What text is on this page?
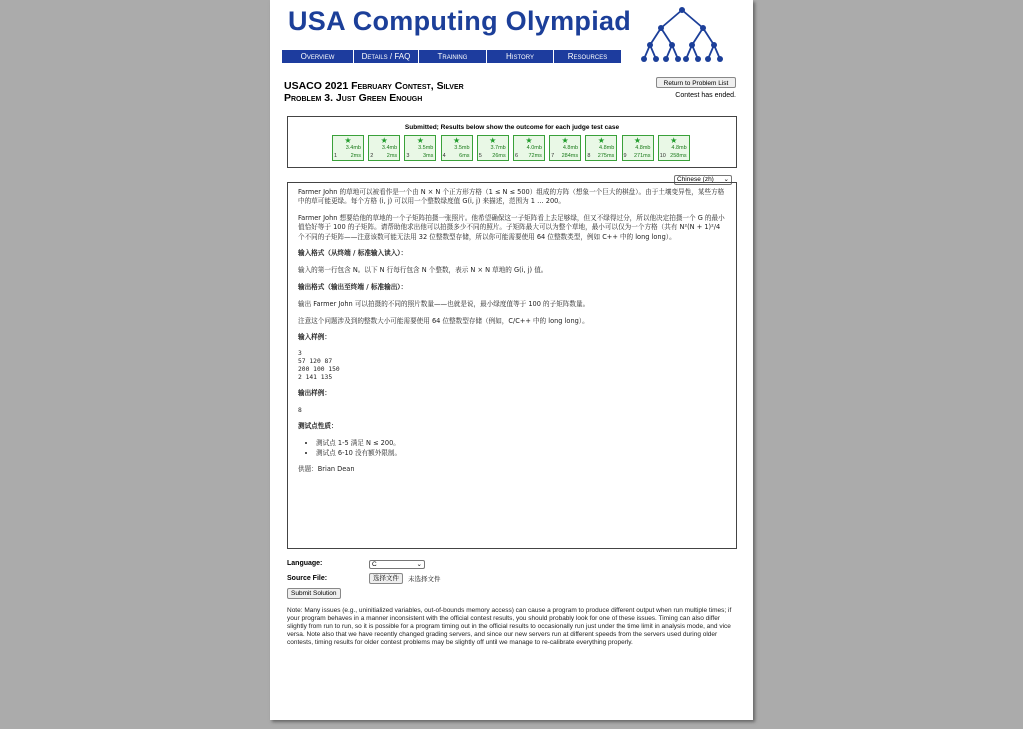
USA Computing Olympiad
Overview	Details / FAQ	Training	History	Resources
USACO 2021 February Contest, Silver
Problem 3. Just Green Enough
Return to Problem List
Contest has ended.
Submitted; Results below show the outcome for each judge test case
★
3.4mb
1 2ms
★
3.4mb
2 2ms
★
3.5mb
3 3ms
★
3.5mb
4 6ms
★
3.7mb
5 26ms
★
4.0mb
6 72ms
★
4.8mb
7 284ms
★
4.8mb
8 275ms
★
4.8mb
9 271ms
★
4.8mb
10 258ms
Chinese (zh) ⌄

Farmer John 的草地可以被看作是一个由 N × N 个正方形方格（1 ≤ N ≤ 500）组成的方阵（想象一个巨大的棋盘）。由于土壤变异性，某些方格中的草可能更绿。每个方格 (i, j) 可以用一个整数绿度值 G(i, j) 来描述，范围为 1 … 200。

Farmer John 想要给他的草地的一个子矩阵拍摄一张照片。他希望确保这一子矩阵看上去足够绿，但又不绿得过分，所以他决定拍摄一个 G 的最小值恰好等于 100 的子矩阵。请帮助他求出他可以拍摄多少不同的照片。子矩阵最大可以为整个草地，最小可以仅为一个方格（共有 N²(N + 1)²/4 个不同的子矩阵——注意该数可能无法用 32 位整数型存储，所以你可能需要使用 64 位整数类型，例如 C++ 中的 long long）。

输入格式（从终端 / 标准输入读入）：

输入的第一行包含 N。以下 N 行每行包含 N 个整数，表示 N × N 草地的 G(i, j) 值。

输出格式（输出至终端 / 标准输出）：

输出 Farmer John 可以拍摄的不同的照片数量——也就是说，最小绿度值等于 100 的子矩阵数量。

注意这个问题涉及到的整数大小可能需要使用 64 位整数型存储（例如，C/C++ 中的 long long）。

输入样例：

3
57 120 87
200 100 150
2 141 135

输出样例：

8

测试点性质：

• 测试点 1-5 满足 N ≤ 200。
• 测试点 6-10 没有额外限制。

供题：Brian Dean

Language:	C	⌄
Source File:	选择文件	未选择文件
Submit Solution
Note: Many issues (e.g., uninitialized variables, out-of-bounds memory access) can cause a program to produce different output when run multiple times; if your program behaves in a manner inconsistent with the official contest results, you should probably look for one of these issues. Timing can also differ slightly from run to run, so it is possible for a program timing out in the official results to occasionally run just under the time limit in analysis mode, and vice versa. Note also that we have recently changed grading servers, and since our new servers run at different speeds from the servers used during older contests, timing results for older contest problems may be slightly off until we manage to re-calibrate everything properly.
